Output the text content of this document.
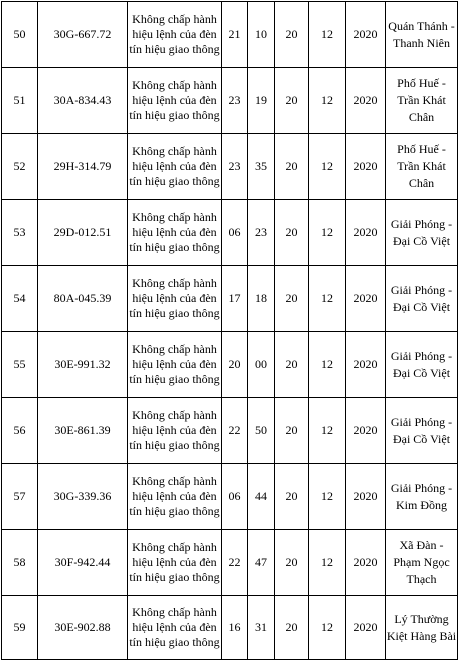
50	30G-667.72	Không chấp hành hiệu lệnh của đèn tín hiệu giao thông	21	10	20	12	2020	Quán Thánh - Thanh Niên
51	30A-834.43	Không chấp hành hiệu lệnh của đèn tín hiệu giao thông	23	19	20	12	2020	Phố Huế - Trần Khát Chân
52	29H-314.79	Không chấp hành hiệu lệnh của đèn tín hiệu giao thông	23	35	20	12	2020	Phố Huế - Trần Khát Chân
53	29D-012.51	Không chấp hành hiệu lệnh của đèn tín hiệu giao thông	06	23	20	12	2020	Giải Phóng - Đại Cồ Việt
54	80A-045.39	Không chấp hành hiệu lệnh của đèn tín hiệu giao thông	17	18	20	12	2020	Giải Phóng - Đại Cồ Việt
55	30E-991.32	Không chấp hành hiệu lệnh của đèn tín hiệu giao thông	20	00	20	12	2020	Giải Phóng - Đại Cồ Việt
56	30E-861.39	Không chấp hành hiệu lệnh của đèn tín hiệu giao thông	22	50	20	12	2020	Giải Phóng - Đại Cồ Việt
57	30G-339.36	Không chấp hành hiệu lệnh của đèn tín hiệu giao thông	06	44	20	12	2020	Giải Phóng - Kim Đồng
58	30F-942.44	Không chấp hành hiệu lệnh của đèn tín hiệu giao thông	22	47	20	12	2020	Xã Đàn - Phạm Ngọc Thạch
59	30E-902.88	Không chấp hành hiệu lệnh của đèn tín hiệu giao thông	16	31	20	12	2020	Lý Thường Kiệt Hàng Bài
